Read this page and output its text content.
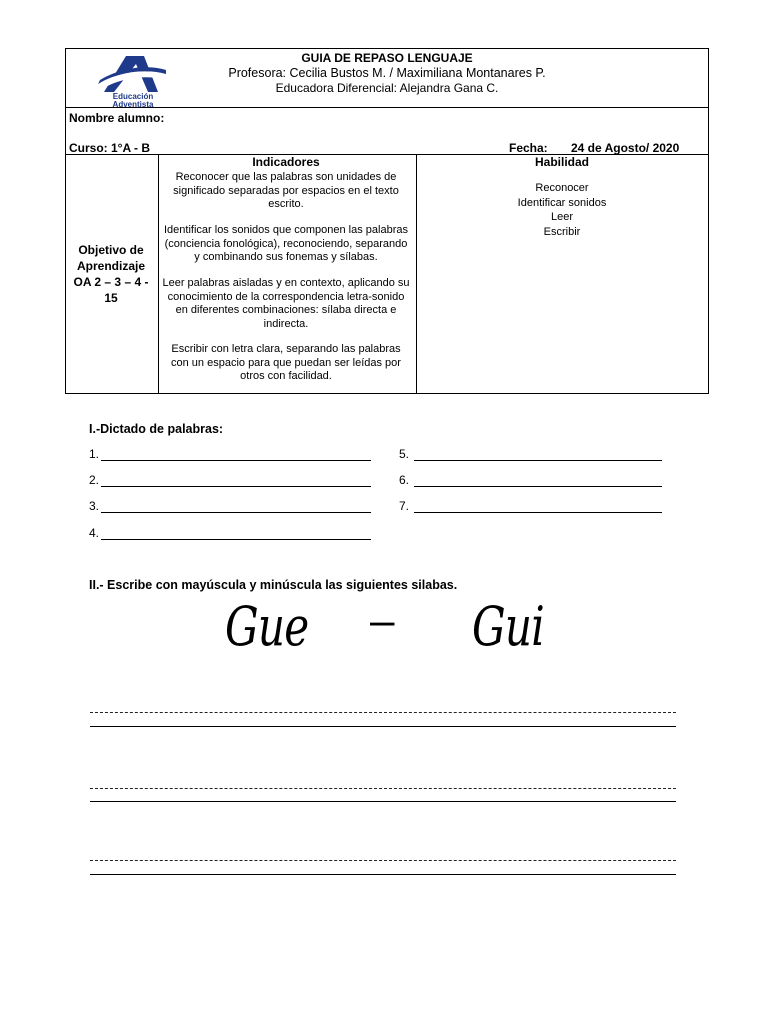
Educación
Adventista
GUIA DE REPASO LENGUAJE
Profesora: Cecilia Bustos M. / Maximiliana Montanares P.
Educadora Diferencial: Alejandra Gana C.
Nombre alumno:
Curso: 1°A - B	Fecha: 24 de Agosto/ 2020
Objetivo de
Aprendizaje
OA 2 – 3 – 4 -
15
Indicadores
Reconocer que las palabras son unidades de
significado separadas por espacios en el texto
escrito.
Identificar los sonidos que componen las palabras
(conciencia fonológica), reconociendo, separando
y combinando sus fonemas y sílabas.
Leer palabras aisladas y en contexto, aplicando su
conocimiento de la correspondencia letra-sonido
en diferentes combinaciones: sílaba directa e
indirecta.
Escribir con letra clara, separando las palabras
con un espacio para que puedan ser leídas por
otros con facilidad.
Habilidad
Reconocer
Identificar sonidos
Leer
Escribir
I.-Dictado de palabras:
1.
2.
3.
4.
5.
6.
7.
II.- Escribe con mayúscula y minúscula las siguientes silabas.
Gue – Gui
